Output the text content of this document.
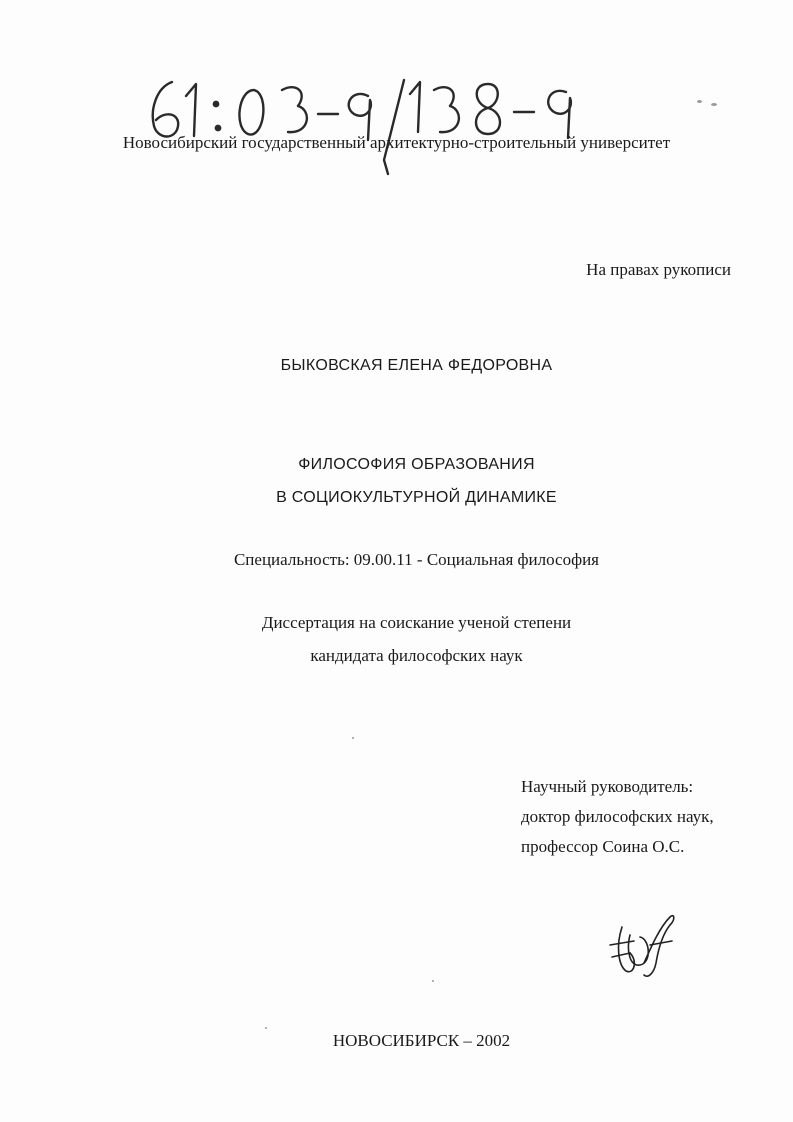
Новосибирский государственный архитектурно-строительный университет
На правах рукописи
БЫКОВСКАЯ ЕЛЕНА ФЕДОРОВНА
ФИЛОСОФИЯ ОБРАЗОВАНИЯ
В СОЦИОКУЛЬТУРНОЙ ДИНАМИКЕ
Специальность: 09.00.11 - Социальная философия
Диссертация на соискание ученой степени
кандидата философских наук
Научный руководитель:
доктор философских наук,
профессор Соина О.С.
НОВОСИБИРСК – 2002
